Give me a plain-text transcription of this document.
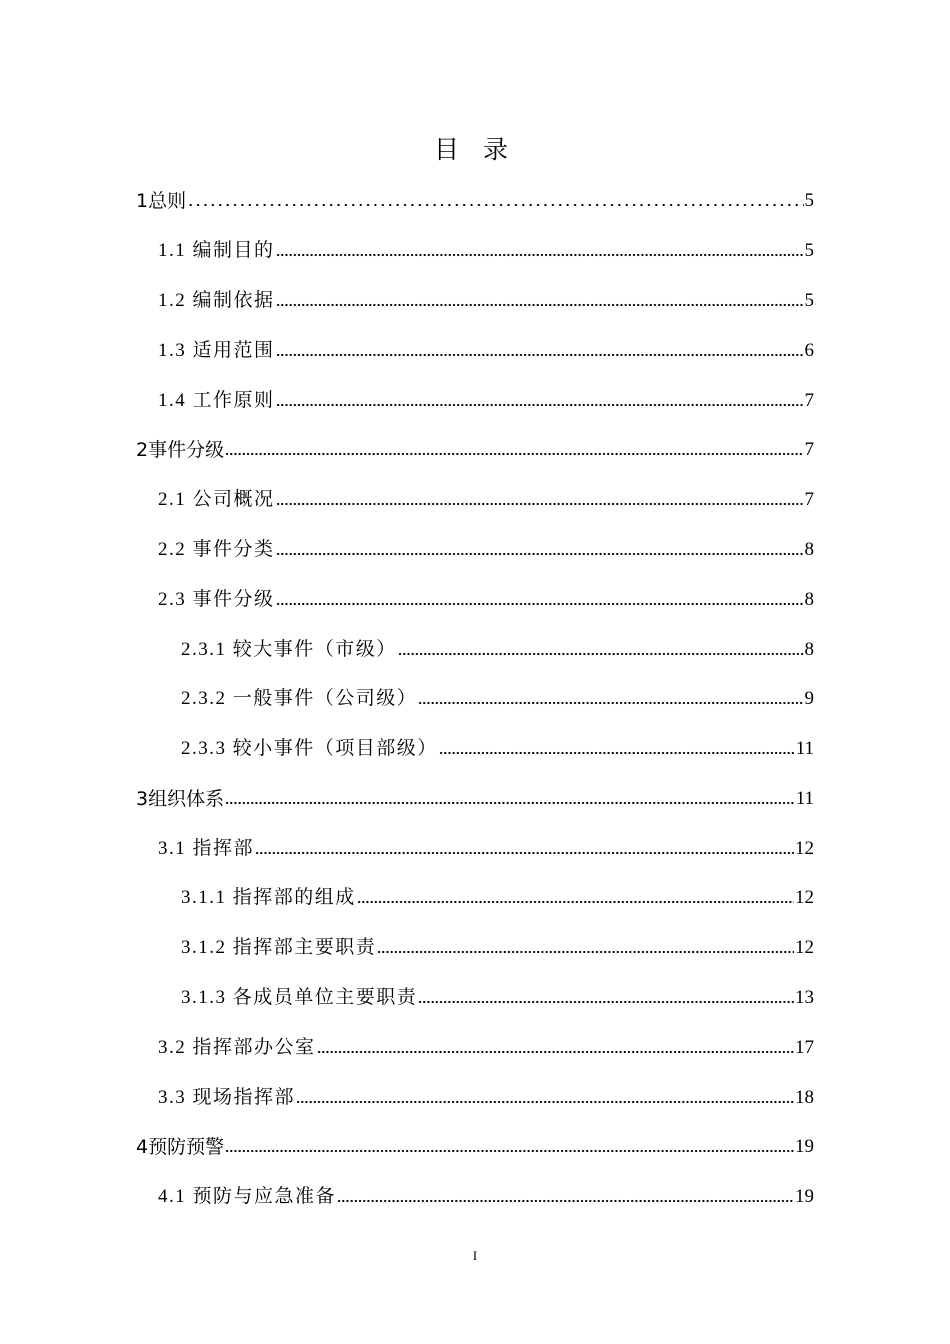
目 录
1总则	5
1.1 编制目的	5
1.2 编制依据	5
1.3 适用范围	6
1.4 工作原则	7
2事件分级	7
2.1 公司概况	7
2.2 事件分类	8
2.3 事件分级	8
2.3.1 较大事件（市级）	8
2.3.2 一般事件（公司级）	9
2.3.3 较小事件（项目部级）	11
3组织体系	11
3.1 指挥部	12
3.1.1 指挥部的组成	12
3.1.2 指挥部主要职责	12
3.1.3 各成员单位主要职责	13
3.2 指挥部办公室	17
3.3 现场指挥部	18
4预防预警	19
4.1 预防与应急准备	19
I
